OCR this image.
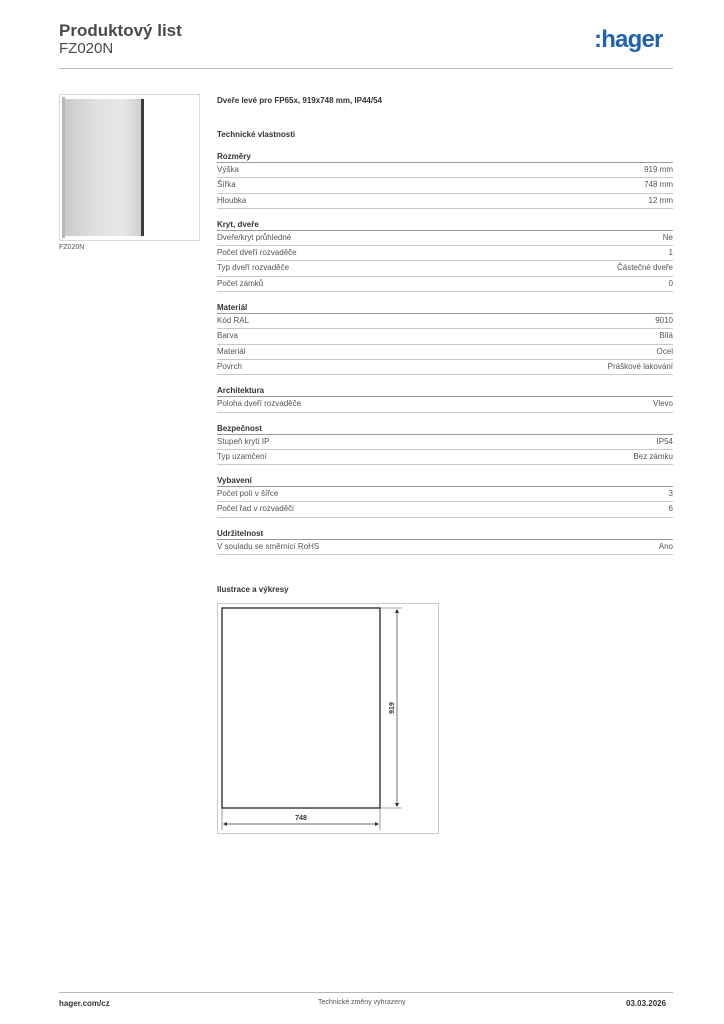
Produktový list
FZ020N	:hager
FZ020N
Dveře levé pro FP65x, 919x748 mm, IP44/54
Technické vlastnosti
Rozměry
Výška	919 mm
Šířka	748 mm
Hloubka	12 mm
Kryt, dveře
Dveře/kryt průhledné	Ne
Počet dveří rozvaděče	1
Typ dveří rozvaděče	Částečné dveře
Počet zámků	0
Materiál
Kód RAL	9010
Barva	Bílá
Materiál	Ocel
Povrch	Práškové lakování
Architektura
Poloha dveří rozvaděče	Vlevo
Bezpečnost
Stupeň krytí IP	IP54
Typ uzamčení	Bez zámku
Vybavení
Počet polí v šířce	3
Počet řad v rozvaděči	6
Udržitelnost
V souladu se směrnicí RoHS	Ano
Ilustrace a výkresy
919
748
hager.com/cz	Technické změny vyhrazeny	03.03.2026
